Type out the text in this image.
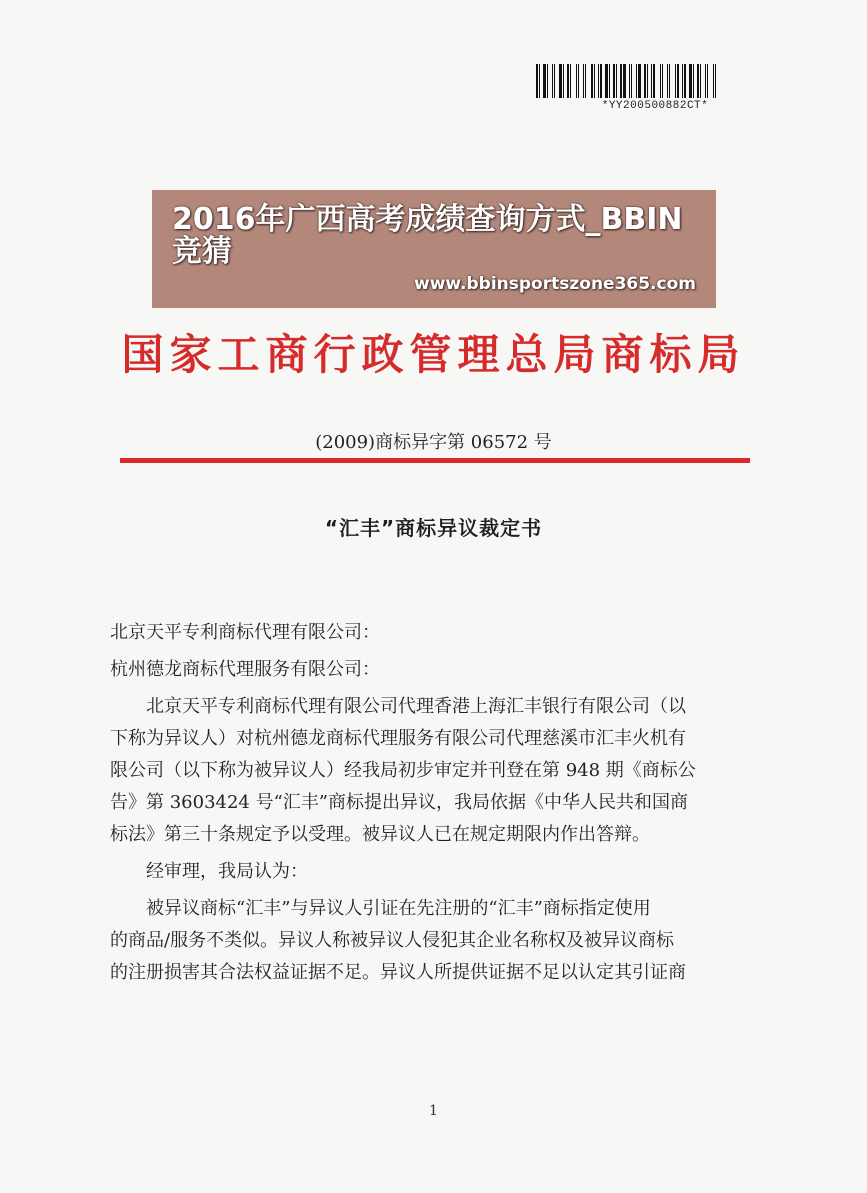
*YY200500882CT*
2016年广西高考成绩查询方式_BBIN竞猜
www.bbinsportszone365.com
国家工商行政管理总局商标局
(2009)商标异字第 06572 号
“汇丰”商标异议裁定书
北京天平专利商标代理有限公司：
杭州德龙商标代理服务有限公司：
　　北京天平专利商标代理有限公司代理香港上海汇丰银行有限公司（以
下称为异议人）对杭州德龙商标代理服务有限公司代理慈溪市汇丰火机有
限公司（以下称为被异议人）经我局初步审定并刊登在第 948 期《商标公
告》第 3603424 号“汇丰”商标提出异议，我局依据《中华人民共和国商
标法》第三十条规定予以受理。被异议人已在规定期限内作出答辩。
　　经审理，我局认为：
　　被异议商标“汇丰”与异议人引证在先注册的“汇丰”商标指定使用
的商品/服务不类似。异议人称被异议人侵犯其企业名称权及被异议商标
的注册损害其合法权益证据不足。异议人所提供证据不足以认定其引证商
1
